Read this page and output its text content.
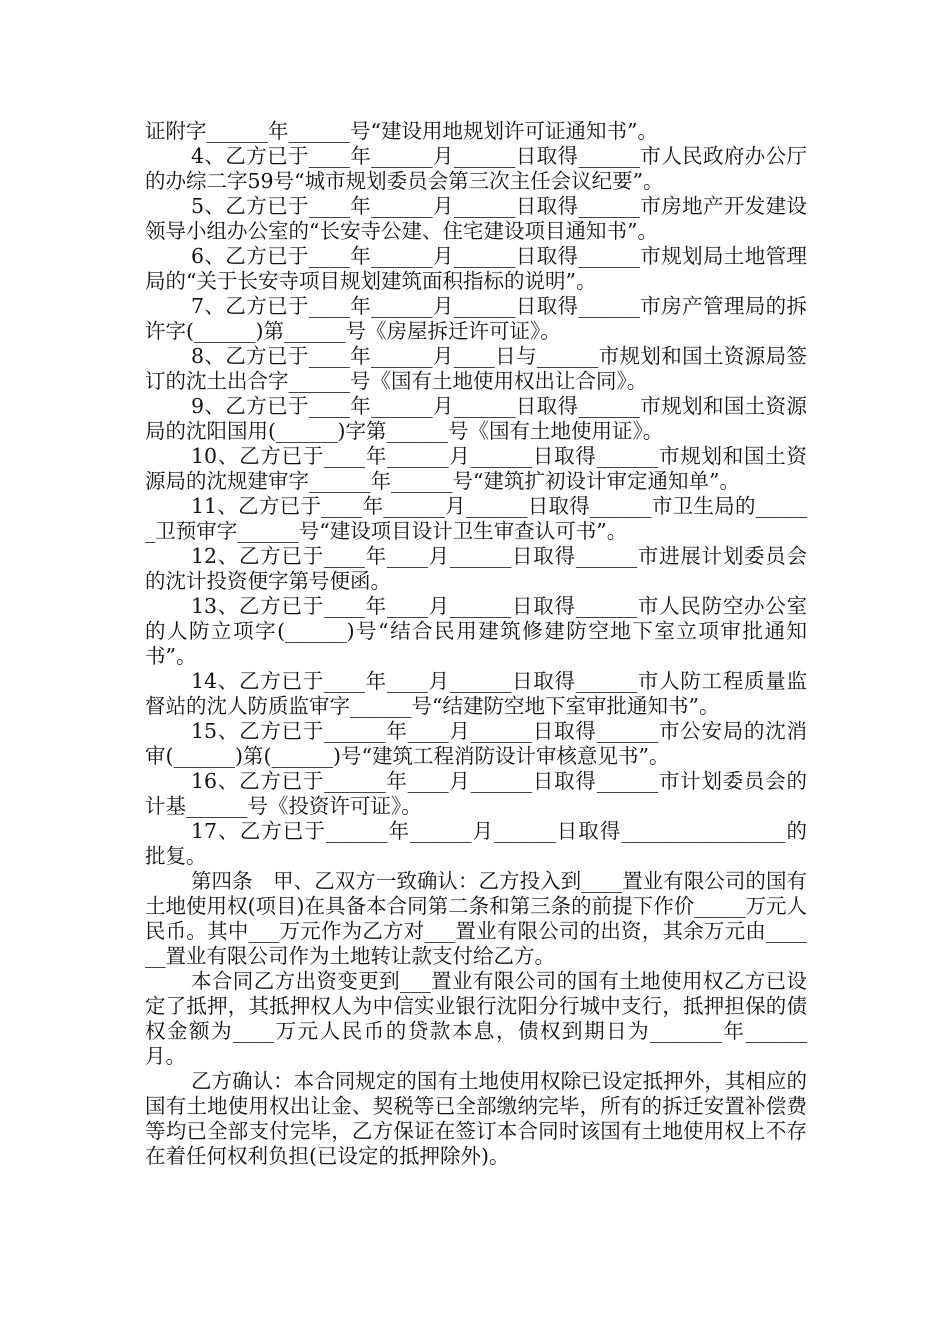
证附字______年______号“建设用地规划许可证通知书”。

4、乙方已于____年______月______日取得______市人民政府办公厅的办综二字59号“城市规划委员会第三次主任会议纪要”。

5、乙方已于____年______月______日取得______市房地产开发建设领导小组办公室的“长安寺公建、住宅建设项目通知书”。

6、乙方已于____年______月______日取得______市规划局土地管理局的“关于长安寺项目规划建筑面积指标的说明”。

7、乙方已于____年______月______日取得______市房产管理局的拆许字(______)第______号《房屋拆迁许可证》。

8、乙方已于____年______月____日与______市规划和国土资源局签订的沈土出合字______号《国有土地使用权出让合同》。

9、乙方已于____年______月______日取得______市规划和国土资源局的沈阳国用(______)字第______号《国有土地使用证》。

10、乙方已于____年______月______日取得______市规划和国土资源局的沈规建审字______年______号“建筑扩初设计审定通知单”。

11、乙方已于____年______月______日取得______市卫生局的______卫预审字______号“建设项目设计卫生审查认可书”。

12、乙方已于____年____月______日取得______市进展计划委员会的沈计投资便字第号便函。

13、乙方已于____年____月______日取得______市人民防空办公室的人防立项字(______)号“结合民用建筑修建防空地下室立项审批通知书”。

14、乙方已于____年____月______日取得______市人防工程质量监督站的沈人防质监审字______号“结建防空地下室审批通知书”。

15、乙方已于______年____月______日取得______市公安局的沈消审(______)第(______)号“建筑工程消防设计审核意见书”。

16、乙方已于______年____月______日取得______市计划委员会的计基______号《投资许可证》。

17、乙方已于______年______月______日取得________________的批复。

第四条　甲、乙双方一致确认：乙方投入到____置业有限公司的国有土地使用权(项目)在具备本合同第二条和第三条的前提下作价_____万元人民币。其中___万元作为乙方对___置业有限公司的出资，其余万元由______置业有限公司作为土地转让款支付给乙方。

本合同乙方出资变更到___置业有限公司的国有土地使用权乙方已设定了抵押，其抵押权人为中信实业银行沈阳分行城中支行，抵押担保的债权金额为____万元人民币的贷款本息，债权到期日为_______年______月。

乙方确认：本合同规定的国有土地使用权除已设定抵押外，其相应的国有土地使用权出让金、契税等已全部缴纳完毕，所有的拆迁安置补偿费等均已全部支付完毕，乙方保证在签订本合同时该国有土地使用权上不存在着任何权利负担(已设定的抵押除外)。
